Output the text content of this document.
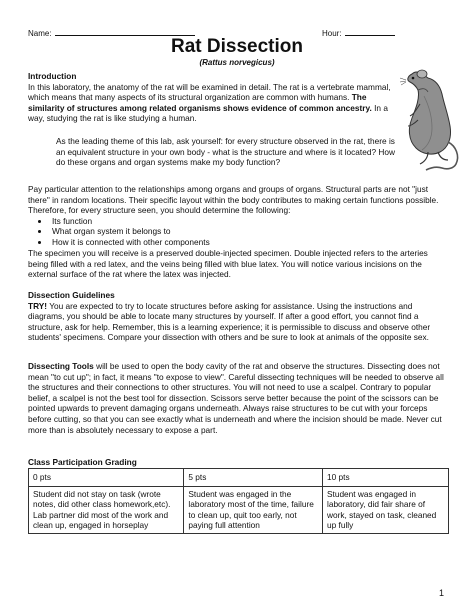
Name:	Hour:
Rat Dissection
(Rattus norvegicus)
Introduction

In this laboratory, the anatomy of the rat will be examined in detail. The rat is a vertebrate mammal, which means that many aspects of its structural organization are common with humans. The similarity of structures among related organisms shows evidence of common ancestry. In a way, studying the rat is like studying a human.

As the leading theme of this lab, ask yourself: for every structure observed in the rat, there is an equivalent structure in your own body - what is the structure and where is it located? How do these organs and organ systems make my body function?

Pay particular attention to the relationships among organs and groups of organs. Structural parts are not "just there" in random locations. Their specific layout within the body contributes to making certain functions possible. Therefore, for every structure seen, you should determine the following:

• Its function
• What organ system it belongs to
• How it is connected with other components
The specimen you will receive is a preserved double-injected specimen. Double injected refers to the arteries being filled with a red latex, and the veins being filled with blue latex. You will notice various incisions on the external surface of the rat where the latex was injected.
Dissection Guidelines

TRY! You are expected to try to locate structures before asking for assistance. Using the instructions and diagrams, you should be able to locate many structures by yourself. If after a good effort, you cannot find a structure, ask for help. Remember, this is a learning experience; it is permissible to discuss and observe other students' specimens. Compare your dissection with others and be sure to look at animals of the opposite sex.

Dissecting Tools will be used to open the body cavity of the rat and observe the structures. Dissecting does not mean "to cut up"; in fact, it means "to expose to view". Careful dissecting techniques will be needed to observe all the structures and their connections to other structures. You will not need to use a scalpel. Contrary to popular belief, a scalpel is not the best tool for dissection. Scissors serve better because the point of the scissors can be pointed upwards to prevent damaging organs underneath. Always raise structures to be cut with your forceps before cutting, so that you can see exactly what is underneath and where the incision should be made. Never cut more than is absolutely necessary to expose a part.

Class Participation Grading
0 pts	5 pts	10 pts
Student did not stay on task (wrote notes, did other class homework,etc). Lab partner did most of the work and clean up, engaged in horseplay	Student was engaged in the laboratory most of the time, failure to clean up, quit too early, not paying full attention	Student was engaged in laboratory, did fair share of work, stayed on task, cleaned up fully
1
